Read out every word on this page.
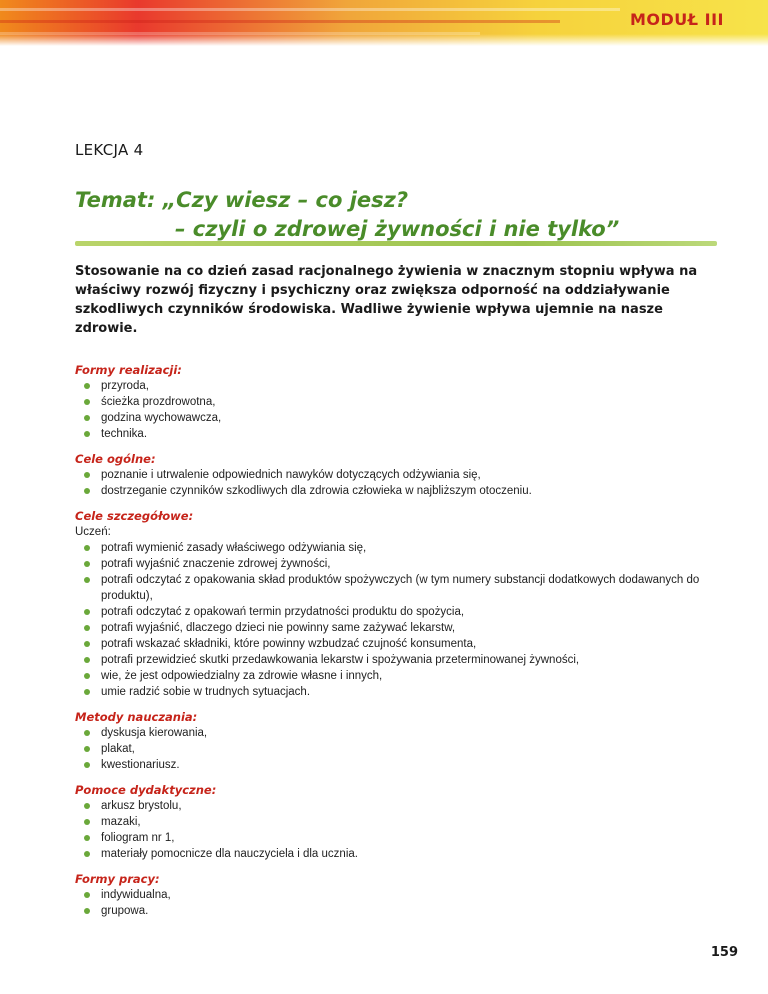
MODUŁ III
LEKCJA 4
Temat: „Czy wiesz – co jesz?
– czyli o zdrowej żywności i nie tylko”
Stosowanie na co dzień zasad racjonalnego żywienia w znacznym stopniu wpływa na właściwy rozwój fizyczny i psychiczny oraz zwiększa odporność na oddziaływanie szkodliwych czynników środowiska. Wadliwe żywienie wpływa ujemnie na nasze zdrowie.
Formy realizacji:
przyroda,
ścieżka prozdrowotna,
godzina wychowawcza,
technika.
Cele ogólne:
poznanie i utrwalenie odpowiednich nawyków dotyczących odżywiania się,
dostrzeganie czynników szkodliwych dla zdrowia człowieka w najbliższym otoczeniu.
Cele szczegółowe:
Uczeń:
potrafi wymienić zasady właściwego odżywiania się,
potrafi wyjaśnić znaczenie zdrowej żywności,
potrafi odczytać z opakowania skład produktów spożywczych (w tym numery substancji dodatkowych dodawanych do produktu),
potrafi odczytać z opakowań termin przydatności produktu do spożycia,
potrafi wyjaśnić, dlaczego dzieci nie powinny same zażywać lekarstw,
potrafi wskazać składniki, które powinny wzbudzać czujność konsumenta,
potrafi przewidzieć skutki przedawkowania lekarstw i spożywania przeterminowanej żywności,
wie, że jest odpowiedzialny za zdrowie własne i innych,
umie radzić sobie w trudnych sytuacjach.
Metody nauczania:
dyskusja kierowania,
plakat,
kwestionariusz.
Pomoce dydaktyczne:
arkusz brystolu,
mazaki,
foliogram nr 1,
materiały pomocnicze dla nauczyciela i dla ucznia.
Formy pracy:
indywidualna,
grupowa.
159
